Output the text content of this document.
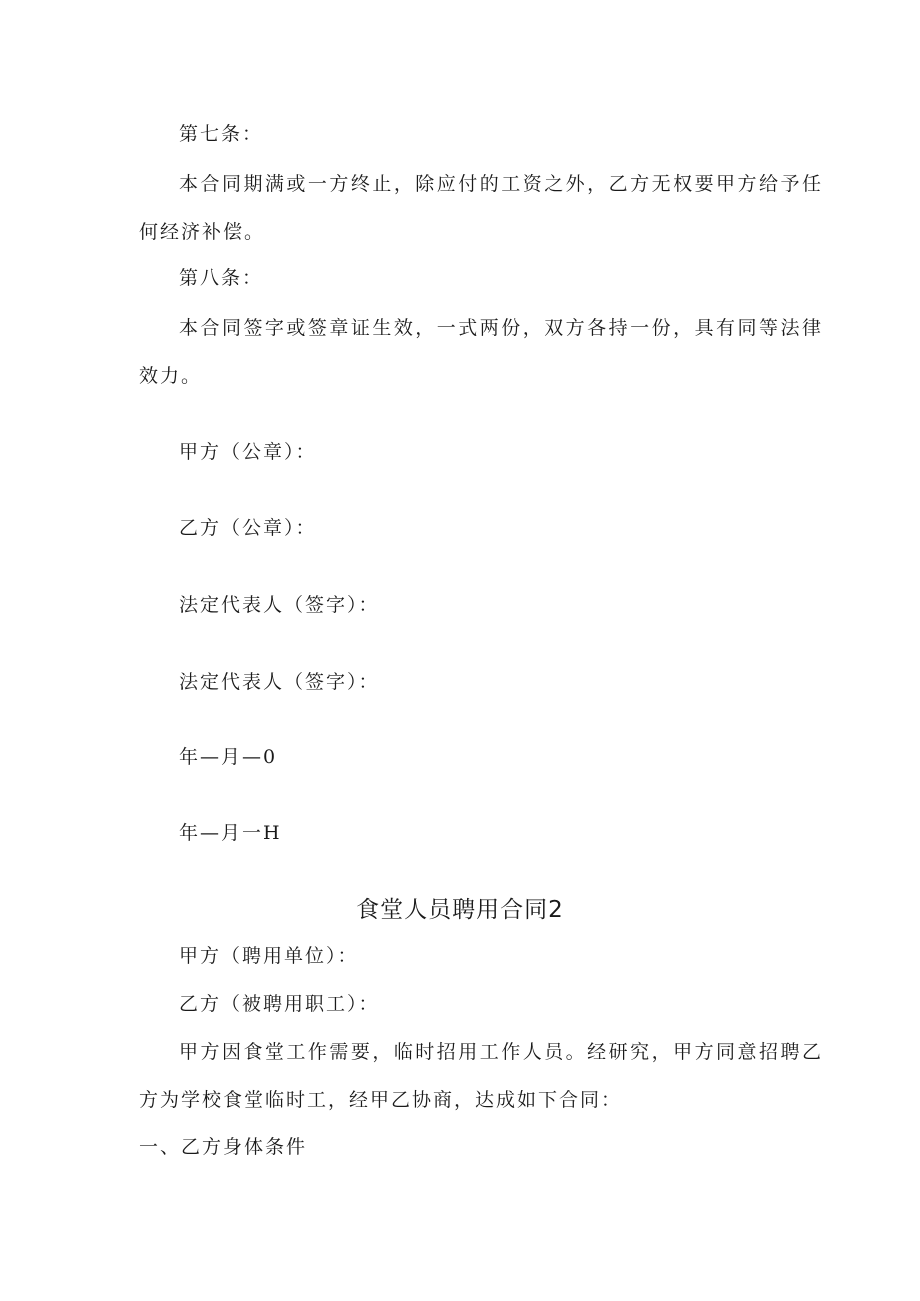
第七条：
本合同期满或一方终止，除应付的工资之外，乙方无权要甲方给予任
何经济补偿。
第八条：
本合同签字或签章证生效，一式两份，双方各持一份，具有同等法律
效力。
甲方（公章）：
乙方（公章）：
法定代表人（签字）：
法定代表人（签字）：
年—月—0
年—月一H
食堂人员聘用合同2
甲方（聘用单位）：
乙方（被聘用职工）：
甲方因食堂工作需要，临时招用工作人员。经研究，甲方同意招聘乙
方为学校食堂临时工，经甲乙协商，达成如下合同：
一、乙方身体条件
